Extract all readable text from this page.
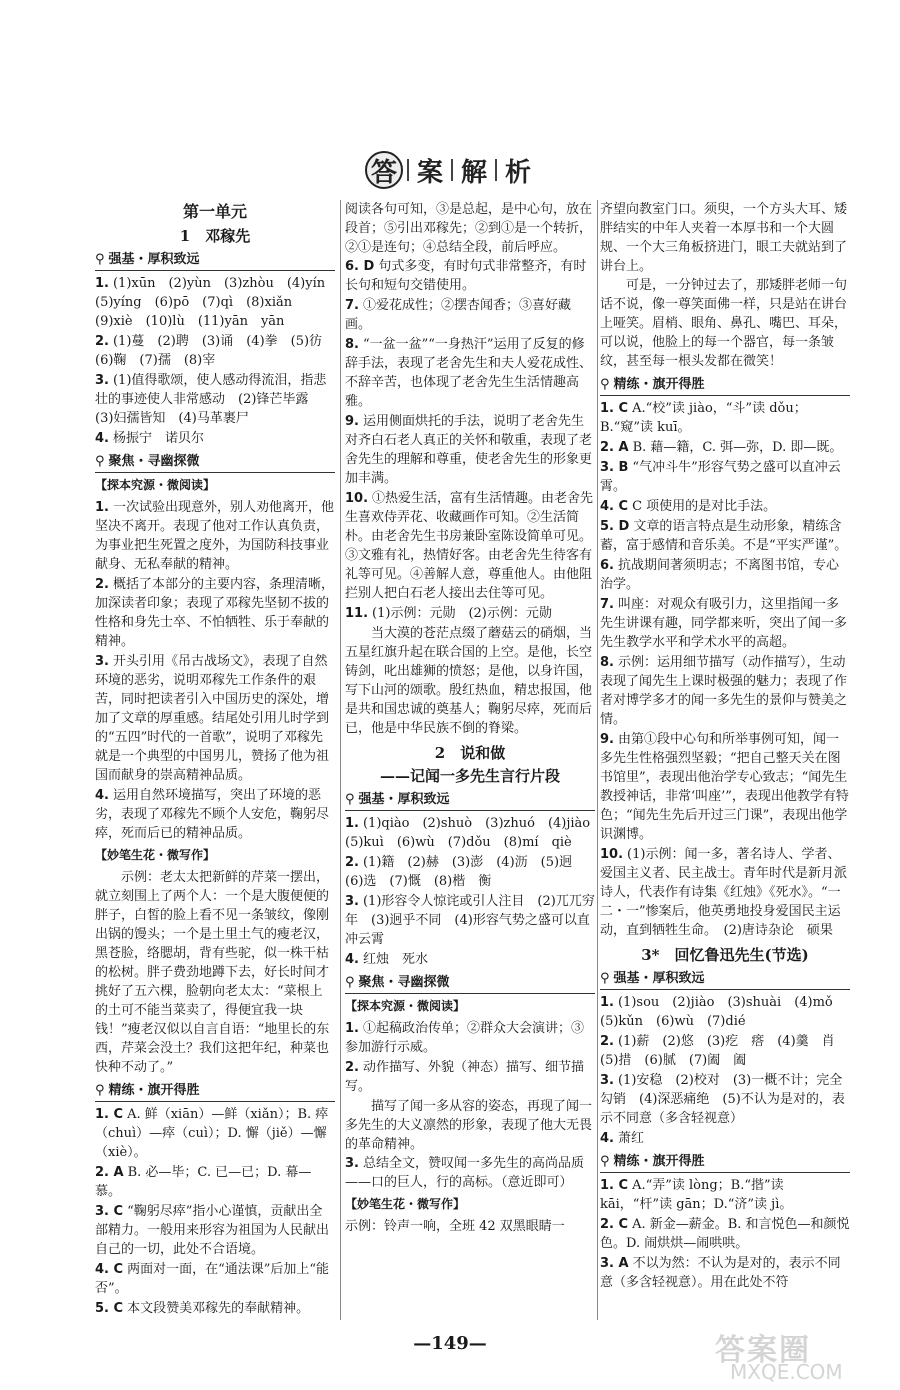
答 案 解 析
第一单元
1　邓稼先
⚲ 强基・厚积致远
1. (1)xūn　(2)yùn　(3)zhòu　(4)yín　(5)yíng　(6)pō　(7)qì　(8)xiǎn　(9)xiè　(10)lù　(11)yān　yān
2. (1)蔓　(2)聘　(3)诵　(4)拳　(5)彷　(6)鞠　(7)孺　(8)宰
3. (1)值得歌颂，使人感动得流泪，指悲壮的事迹使人非常感动　(2)锋芒毕露　(3)妇孺皆知　(4)马革裹尸
4. 杨振宁　诺贝尔
⚲ 聚焦・寻幽探微
【探本究源・微阅读】
1. 一次试验出现意外，别人劝他离开，他坚决不离开。表现了他对工作认真负责，为事业把生死置之度外，为国防科技事业献身、无私奉献的精神。
2. 概括了本部分的主要内容，条理清晰，加深读者印象；表现了邓稼先坚韧不拔的性格和身先士卒、不怕牺牲、乐于奉献的精神。
3. 开头引用《吊古战场文》，表现了自然环境的恶劣，说明邓稼先工作条件的艰苦，同时把读者引入中国历史的深处，增加了文章的厚重感。结尾处引用儿时学到的“五四”时代的一首歌”，说明了邓稼先就是一个典型的中国男儿，赞扬了他为祖国而献身的崇高精神品质。
4. 运用自然环境描写，突出了环境的恶劣，表现了邓稼先不顾个人安危，鞠躬尽瘁，死而后已的精神品质。
【妙笔生花・微写作】

示例：老太太把新鲜的芹菜一摆出，就立刻围上了两个人：一个是大腹便便的胖子，白皙的脸上看不见一条皱纹，像刚出锅的馒头；一个是土里土气的瘦老汉，黑苍脸，络腮胡，背有些驼，似一株干枯的松树。胖子费劲地蹲下去，好长时间才挑好了五六棵，脸朝向老太太：“菜根上的土可不能当菜卖了，得便宜我一块钱！”瘦老汉似以自言自语：“地里长的东西，芹菜会没土？我们这把年纪，种菜也快种不动了。”

⚲ 精练・旗开得胜
1. C A. 鲜（xiān）—鲜（xiǎn）；B. 瘁（chuì）—瘁（cuì）；D. 懈（jiě）—懈（xiè）。
2. A B. 必—毕；C. 已—已；D. 幕—慕。
3. C “鞠躬尽瘁”指小心谨慎，贡献出全部精力。一般用来形容为祖国为人民献出自己的一切，此处不合语境。
4. C 两面对一面，在“通法课”后加上“能否”。
5. C 本文段赞美邓稼先的奉献精神。

阅读各句可知，③是总起，是中心句，放在段首；⑤引出邓稼先；②到①是一个转折，②①是连句；④总结全段，前后呼应。

6. D 句式多变，有时句式非常整齐，有时长句和短句交错使用。
7. ①爱花成性；②摆杏闻香；③喜好藏画。
8. “一盆一盆”“一身热汗”运用了反复的修辞手法，表现了老舍先生和夫人爱花成性、不辞辛苦，也体现了老舍先生生活情趣高雅。
9. 运用侧面烘托的手法，说明了老舍先生对齐白石老人真正的关怀和敬重，表现了老舍先生的理解和尊重，使老舍先生的形象更加丰满。
10. ①热爱生活，富有生活情趣。由老舍先生喜欢侍弄花、收藏画作可知。②生活简朴。由老舍先生书房兼卧室陈设简单可见。③文雅有礼，热情好客。由老舍先生待客有礼等可见。④善解人意，尊重他人。由他阻拦别人把白石老人接出去住等可见。
11. (1)示例：元勋　(2)示例：元勋

当大漠的苍茫点缀了蘑菇云的硝烟，当五星红旗升起在联合国的上空。是他，长空铸剑，叱出雄狮的愤怒；是他，以身许国，写下山河的颂歌。殷红热血，精忠报国，他是共和国忠诚的奠基人；鞠躬尽瘁，死而后已，他是中华民族不倒的脊梁。

2　说和做
——记闻一多先生言行片段
⚲ 强基・厚积致远
1. (1)qiào　(2)shuò　(3)zhuó　(4)jiào　(5)kuì　(6)wù　(7)dǒu　(8)mí　qiè
2. (1)籍　(2)赫　(3)澎　(4)沥　(5)迥　(6)选　(7)慨　(8)楷　衡
3. (1)形容令人惊诧或引人注目　(2)兀兀穷年　(3)迥乎不同　(4)形容气势之盛可以直冲云霄
4. 红烛　死水
⚲ 聚焦・寻幽探微
【探本究源・微阅读】
1. ①起稿政治传单；②群众大会演讲；③参加游行示威。
2. 动作描写、外貌（神态）描写、细节描写。

描写了闻一多从容的姿态，再现了闻一多先生的大义凛然的形象，表现了他大无畏的革命精神。

3. 总结全文，赞叹闻一多先生的高尚品质——口的巨人，行的高标。（意近即可）
【妙笔生花・微写作】

示例：铃声一响，全班 42 双黑眼睛一

齐望向教室门口。须臾，一个方头大耳、矮胖结实的中年人夹着一本厚书和一个大圆规、一个大三角板挤进门，眼工夫就站到了讲台上。

可是，一分钟过去了，那矮胖老师一句话不说，像一尊笑面佛一样，只是站在讲台上哑笑。眉梢、眼角、鼻孔、嘴巴、耳朵，可以说，他脸上的每一个器官，每一条皱纹，甚至每一根头发都在微笑！

⚲ 精练・旗开得胜
1. C A.“校”读 jiào，“斗”读 dǒu；B.“窥”读 kuī。
2. A B. 藉—籍，C. 弭—弥，D. 即—既。
3. B “气冲斗牛”形容气势之盛可以直冲云霄。
4. C C 项使用的是对比手法。
5. D 文章的语言特点是生动形象，精练含蓄，富于感情和音乐美。不是“平实严谨”。
6. 抗战期间著须明志；不离图书馆，专心治学。
7. 叫座：对观众有吸引力，这里指闻一多先生讲课有趣，同学都来听，突出了闻一多先生教学水平和学术水平的高超。
8. 示例：运用细节描写（动作描写），生动表现了闻先生上课时极强的魅力；表现了作者对博学多才的闻一多先生的景仰与赞美之情。
9. 由第①段中心句和所举事例可知，闻一多先生性格强烈坚毅；“把自己整天关在图书馆里”，表现出他治学专心致志；“闻先生教授神话，非常‘叫座’”，表现出他教学有特色；“闻先生先后开过三门课”，表现出他学识渊博。
10. (1)示例：闻一多，著名诗人、学者、爱国主义者、民主战士。青年时代是新月派诗人，代表作有诗集《红烛》《死水》。“一二・一”惨案后，他英勇地投身爱国民主运动，直到牺牲生命。　(2)唐诗杂论　硕果
3*　回忆鲁迅先生(节选)
⚲ 强基・厚积致远
1. (1)sou　(2)jiào　(3)shuài　(4)mǒ　(5)kǔn　(6)wù　(7)dié
2. (1)薪　(2)悠　(3)疙　瘩　(4)羹　肖　(5)措　(6)腻　(7)阖　阖
3. (1)安稳　(2)校对　(3)一概不计；完全勾销　(4)深恶痛绝　(5)不认为是对的，表示不同意（多含轻视意）
4. 萧红
⚲ 精练・旗开得胜
1. C A.“弄”读 lòng；B.“揩”读 kāi，“杆”读 gān；D.“济”读 jì。
2. C A. 新金—薪金。B. 和言悦色—和颜悦色。D. 闹烘烘—闹哄哄。
3. A 不以为然：不认为是对的，表示不同意（多含轻视意）。用在此处不符
—149—	答案圈
MXQE.COM
